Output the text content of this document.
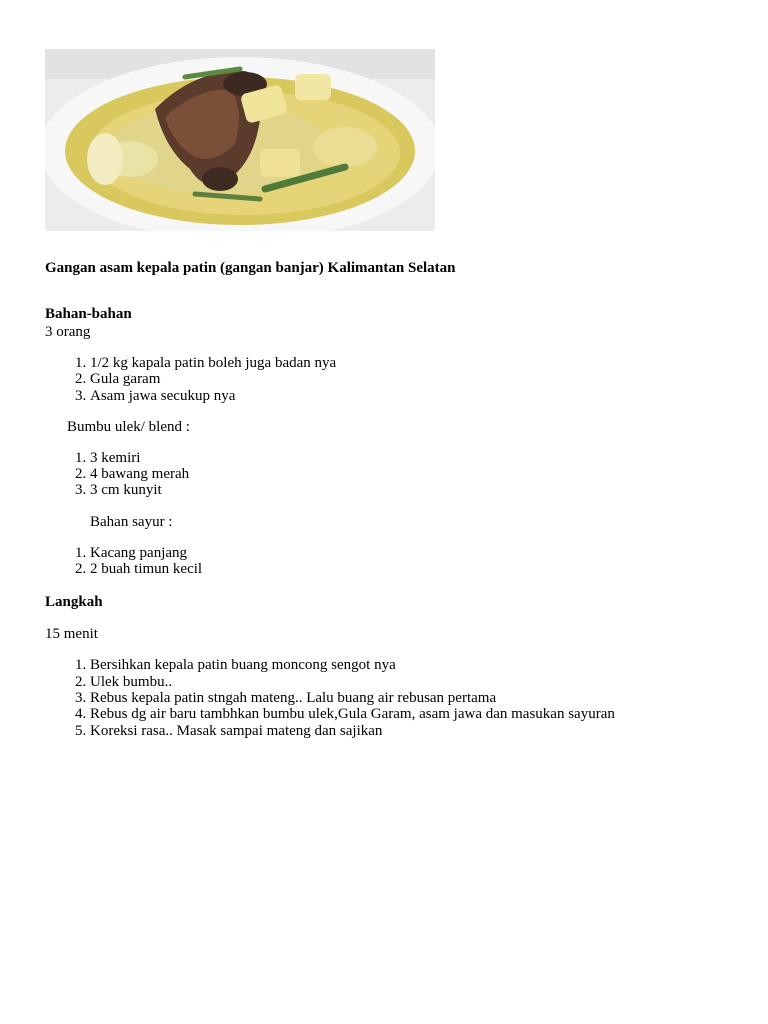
Gangan asam kepala patin (gangan banjar) Kalimantan Selatan

Bahan-bahan

3 orang

1. 1/2 kg kapala patin boleh juga badan nya
2. Gula garam
3. Asam jawa secukup nya

Bumbu ulek/ blend :

1. 3 kemiri
2. 4 bawang merah
3. 3 cm kunyit

Bahan sayur :

1. Kacang panjang
2. 2 buah timun kecil

Langkah

15 menit

1. Bersihkan kepala patin buang moncong sengot nya
2. Ulek bumbu..
3. Rebus kepala patin stngah mateng.. Lalu buang air rebusan pertama
4. Rebus dg air baru tambhkan bumbu ulek,Gula Garam, asam jawa dan masukan sayuran
5. Koreksi rasa.. Masak sampai mateng dan sajikan
